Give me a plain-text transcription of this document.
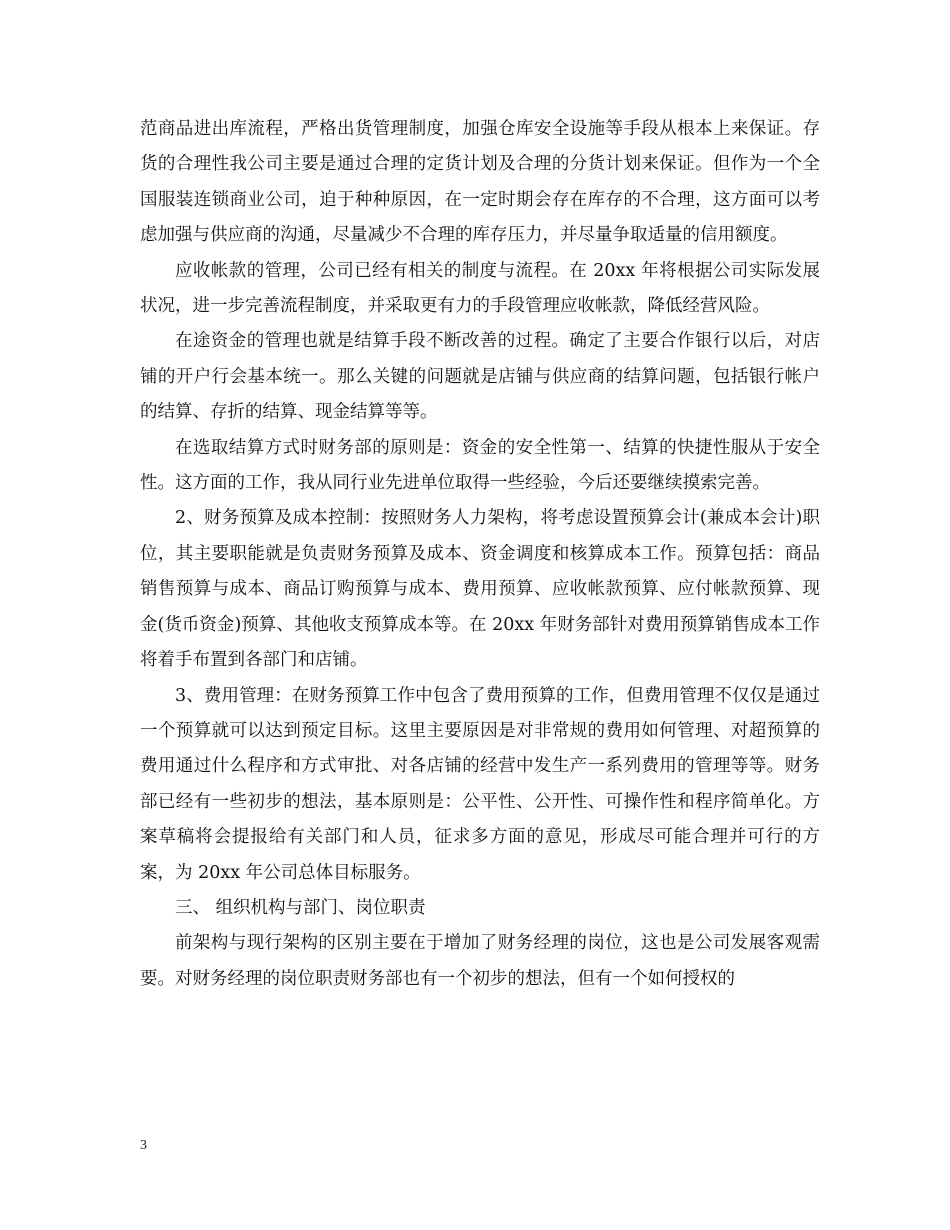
范商品进出库流程，严格出货管理制度，加强仓库安全设施等手段从根本上来保证。存货的合理性我公司主要是通过合理的定货计划及合理的分货计划来保证。但作为一个全国服装连锁商业公司，迫于种种原因，在一定时期会存在库存的不合理，这方面可以考虑加强与供应商的沟通，尽量减少不合理的库存压力，并尽量争取适量的信用额度。

应收帐款的管理，公司已经有相关的制度与流程。在 20xx 年将根据公司实际发展状况，进一步完善流程制度，并采取更有力的手段管理应收帐款，降低经营风险。

在途资金的管理也就是结算手段不断改善的过程。确定了主要合作银行以后，对店铺的开户行会基本统一。那么关键的问题就是店铺与供应商的结算问题，包括银行帐户的结算、存折的结算、现金结算等等。

在选取结算方式时财务部的原则是：资金的安全性第一、结算的快捷性服从于安全性。这方面的工作，我从同行业先进单位取得一些经验，今后还要继续摸索完善。

2、财务预算及成本控制：按照财务人力架构，将考虑设置预算会计(兼成本会计)职位，其主要职能就是负责财务预算及成本、资金调度和核算成本工作。预算包括：商品销售预算与成本、商品订购预算与成本、费用预算、应收帐款预算、应付帐款预算、现金(货币资金)预算、其他收支预算成本等。在 20xx 年财务部针对费用预算销售成本工作将着手布置到各部门和店铺。

3、费用管理：在财务预算工作中包含了费用预算的工作，但费用管理不仅仅是通过一个预算就可以达到预定目标。这里主要原因是对非常规的费用如何管理、对超预算的费用通过什么程序和方式审批、对各店铺的经营中发生产一系列费用的管理等等。财务部已经有一些初步的想法，基本原则是：公平性、公开性、可操作性和程序简单化。方案草稿将会提报给有关部门和人员，征求多方面的意见，形成尽可能合理并可行的方案，为 20xx 年公司总体目标服务。

三、 组织机构与部门、岗位职责

前架构与现行架构的区别主要在于增加了财务经理的岗位，这也是公司发展客观需要。对财务经理的岗位职责财务部也有一个初步的想法，但有一个如何授权的

3
